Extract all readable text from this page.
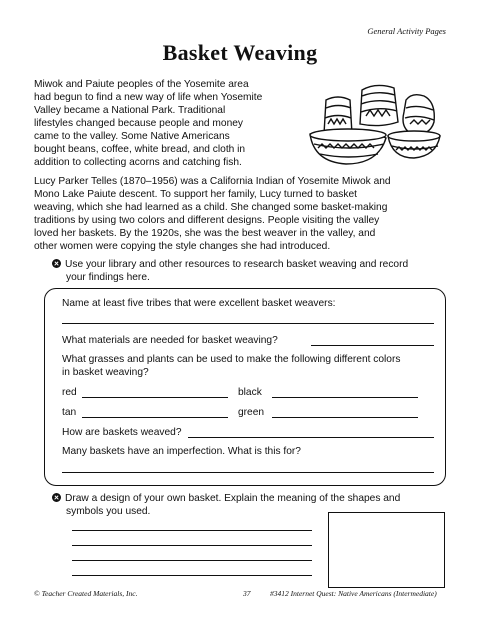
General Activity Pages
Basket Weaving
Miwok and Paiute peoples of the Yosemite area
had begun to find a new way of life when Yosemite
Valley became a National Park. Traditional
lifestyles changed because people and money
came to the valley. Some Native Americans
bought beans, coffee, white bread, and cloth in
addition to collecting acorns and catching fish.
Lucy Parker Telles (1870–1956) was a California Indian of Yosemite Miwok and
Mono Lake Paiute descent. To support her family, Lucy turned to basket
weaving, which she had learned as a child. She changed some basket-making
traditions by using two colors and different designs. People visiting the valley
loved her baskets. By the 1920s, she was the best weaver in the valley, and
other women were copying the style changes she had introduced.
Use your library and other resources to research basket weaving and record
your findings here.
Name at least five tribes that were excellent basket weavers:
What materials are needed for basket weaving?
What grasses and plants can be used to make the following different colors
in basket weaving?
red	black
tan	green
How are baskets weaved?
Many baskets have an imperfection. What is this for?
Draw a design of your own basket. Explain the meaning of the shapes and
symbols you used.
© Teacher Created Materials, Inc.	37	#3412 Internet Quest: Native Americans (Intermediate)
